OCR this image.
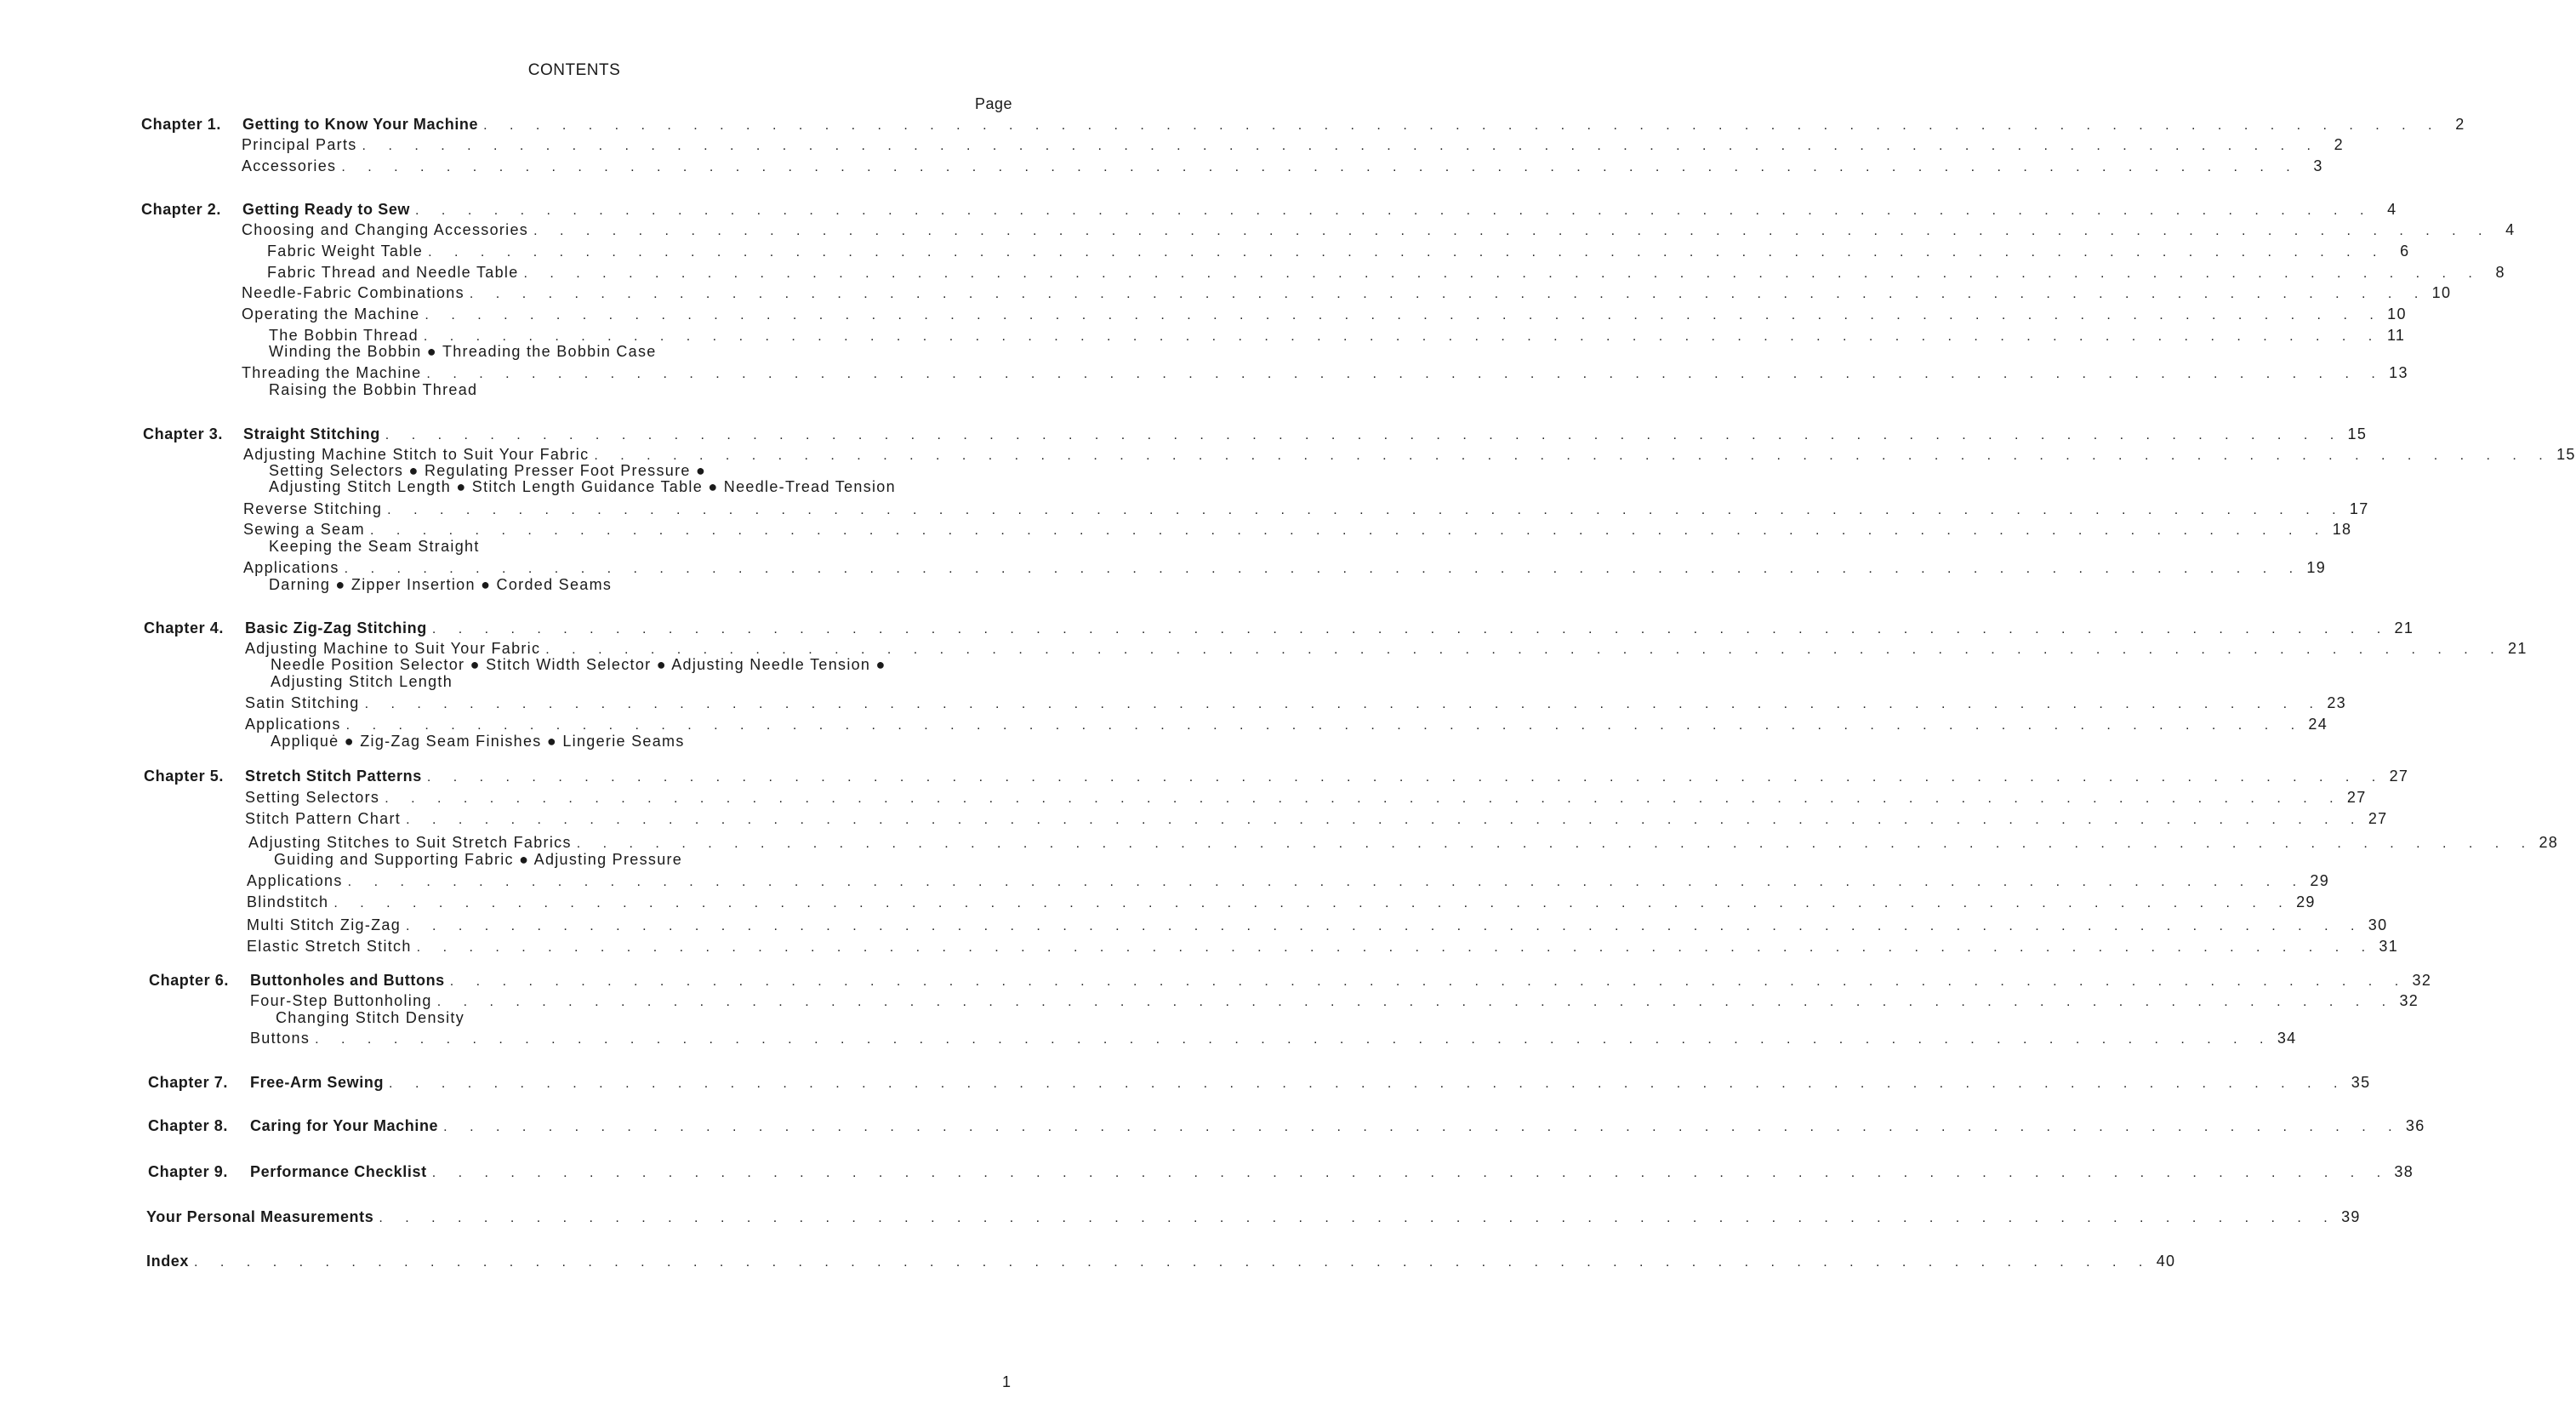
CONTENTS
Page
Chapter 1. Getting to Know Your Machine . . . . . . . . . . . . . . . . . . . . . . . . . . . . . . . . . . . . . . . . . . . . . . . . . . . . . . . . . . . . . . . . . . . . . . . . . . . 2
Principal Parts . . . . . . . . . . . . . . . . . . . . . . . . . . . . . . . . . . . . . . . . . . . . . . . . . . . . . . . . . . . . . . . . . . . . . . . . . . . 2
Accessories . . . . . . . . . . . . . . . . . . . . . . . . . . . . . . . . . . . . . . . . . . . . . . . . . . . . . . . . . . . . . . . . . . . . . . . . . . . 3
Chapter 2. Getting Ready to Sew . . . . . . . . . . . . . . . . . . . . . . . . . . . . . . . . . . . . . . . . . . . . . . . . . . . . . . . . . . . . . . . . . . . . . . . . . . . 4
Choosing and Changing Accessories . . . . . . . . . . . . . . . . . . . . . . . . . . . . . . . . . . . . . . . . . . . . . . . . . . . . . . . . . . . . . . . . . . . . . . . . . . . 4
Fabric Weight Table . . . . . . . . . . . . . . . . . . . . . . . . . . . . . . . . . . . . . . . . . . . . . . . . . . . . . . . . . . . . . . . . . . . . . . . . . . . 6
Fabric Thread and Needle Table . . . . . . . . . . . . . . . . . . . . . . . . . . . . . . . . . . . . . . . . . . . . . . . . . . . . . . . . . . . . . . . . . . . . . . . . . . . 8
Needle-Fabric Combinations . . . . . . . . . . . . . . . . . . . . . . . . . . . . . . . . . . . . . . . . . . . . . . . . . . . . . . . . . . . . . . . . . . . . . . . . . . . 10
Operating the Machine . . . . . . . . . . . . . . . . . . . . . . . . . . . . . . . . . . . . . . . . . . . . . . . . . . . . . . . . . . . . . . . . . . . . . . . . . . . 10
The Bobbin Thread . . . . . . . . . . . . . . . . . . . . . . . . . . . . . . . . . . . . . . . . . . . . . . . . . . . . . . . . . . . . . . . . . . . . . . . . . . . 11
Winding the Bobbin ● Threading the Bobbin Case
Threading the Machine . . . . . . . . . . . . . . . . . . . . . . . . . . . . . . . . . . . . . . . . . . . . . . . . . . . . . . . . . . . . . . . . . . . . . . . . . . . 13
Raising the Bobbin Thread
Chapter 3. Straight Stitching . . . . . . . . . . . . . . . . . . . . . . . . . . . . . . . . . . . . . . . . . . . . . . . . . . . . . . . . . . . . . . . . . . . . . . . . . . . 15
Adjusting Machine Stitch to Suit Your Fabric . . . . . . . . . . . . . . . . . . . . . . . . . . . . . . . . . . . . . . . . . . . . . . . . . . . . . . . . . . . . . . . . . . . . . . . . . . . 15
Setting Selectors ● Regulating Presser Foot Pressure ●
Adjusting Stitch Length ● Stitch Length Guidance Table ● Needle-Tread Tension
Reverse Stitching . . . . . . . . . . . . . . . . . . . . . . . . . . . . . . . . . . . . . . . . . . . . . . . . . . . . . . . . . . . . . . . . . . . . . . . . . . . 17
Sewing a Seam . . . . . . . . . . . . . . . . . . . . . . . . . . . . . . . . . . . . . . . . . . . . . . . . . . . . . . . . . . . . . . . . . . . . . . . . . . . 18
Keeping the Seam Straight
Applications . . . . . . . . . . . . . . . . . . . . . . . . . . . . . . . . . . . . . . . . . . . . . . . . . . . . . . . . . . . . . . . . . . . . . . . . . . . 19
Darning ● Zipper Insertion ● Corded Seams
Chapter 4. Basic Zig-Zag Stitching . . . . . . . . . . . . . . . . . . . . . . . . . . . . . . . . . . . . . . . . . . . . . . . . . . . . . . . . . . . . . . . . . . . . . . . . . . . 21
Adjusting Machine to Suit Your Fabric . . . . . . . . . . . . . . . . . . . . . . . . . . . . . . . . . . . . . . . . . . . . . . . . . . . . . . . . . . . . . . . . . . . . . . . . . . . 21
Needle Position Selector ● Stitch Width Selector ● Adjusting Needle Tension ●
Adjusting Stitch Length
Satin Stitching . . . . . . . . . . . . . . . . . . . . . . . . . . . . . . . . . . . . . . . . . . . . . . . . . . . . . . . . . . . . . . . . . . . . . . . . . . . 23
Applications . . . . . . . . . . . . . . . . . . . . . . . . . . . . . . . . . . . . . . . . . . . . . . . . . . . . . . . . . . . . . . . . . . . . . . . . . . . 24
Appliquė ● Zig-Zag Seam Finishes ● Lingerie Seams
Chapter 5. Stretch Stitch Patterns . . . . . . . . . . . . . . . . . . . . . . . . . . . . . . . . . . . . . . . . . . . . . . . . . . . . . . . . . . . . . . . . . . . . . . . . . . . 27
Setting Selectors . . . . . . . . . . . . . . . . . . . . . . . . . . . . . . . . . . . . . . . . . . . . . . . . . . . . . . . . . . . . . . . . . . . . . . . . . . . 27
Stitch Pattern Chart . . . . . . . . . . . . . . . . . . . . . . . . . . . . . . . . . . . . . . . . . . . . . . . . . . . . . . . . . . . . . . . . . . . . . . . . . . . 27
Adjusting Stitches to Suit Stretch Fabrics . . . . . . . . . . . . . . . . . . . . . . . . . . . . . . . . . . . . . . . . . . . . . . . . . . . . . . . . . . . . . . . . . . . . . . . . . . . 28
Guiding and Supporting Fabric ● Adjusting Pressure
Applications . . . . . . . . . . . . . . . . . . . . . . . . . . . . . . . . . . . . . . . . . . . . . . . . . . . . . . . . . . . . . . . . . . . . . . . . . . . 29
Blindstitch . . . . . . . . . . . . . . . . . . . . . . . . . . . . . . . . . . . . . . . . . . . . . . . . . . . . . . . . . . . . . . . . . . . . . . . . . . . 29
Multi Stitch Zig-Zag . . . . . . . . . . . . . . . . . . . . . . . . . . . . . . . . . . . . . . . . . . . . . . . . . . . . . . . . . . . . . . . . . . . . . . . . . . . 30
Elastic Stretch Stitch . . . . . . . . . . . . . . . . . . . . . . . . . . . . . . . . . . . . . . . . . . . . . . . . . . . . . . . . . . . . . . . . . . . . . . . . . . . 31
Chapter 6. Buttonholes and Buttons . . . . . . . . . . . . . . . . . . . . . . . . . . . . . . . . . . . . . . . . . . . . . . . . . . . . . . . . . . . . . . . . . . . . . . . . . . . 32
Four-Step Buttonholing . . . . . . . . . . . . . . . . . . . . . . . . . . . . . . . . . . . . . . . . . . . . . . . . . . . . . . . . . . . . . . . . . . . . . . . . . . . 32
Changing Stitch Density
Buttons . . . . . . . . . . . . . . . . . . . . . . . . . . . . . . . . . . . . . . . . . . . . . . . . . . . . . . . . . . . . . . . . . . . . . . . . . . . 34
Chapter 7. Free-Arm Sewing . . . . . . . . . . . . . . . . . . . . . . . . . . . . . . . . . . . . . . . . . . . . . . . . . . . . . . . . . . . . . . . . . . . . . . . . . . . 35
Chapter 8. Caring for Your Machine . . . . . . . . . . . . . . . . . . . . . . . . . . . . . . . . . . . . . . . . . . . . . . . . . . . . . . . . . . . . . . . . . . . . . . . . . . . 36
Chapter 9. Performance Checklist . . . . . . . . . . . . . . . . . . . . . . . . . . . . . . . . . . . . . . . . . . . . . . . . . . . . . . . . . . . . . . . . . . . . . . . . . . . 38
Your Personal Measurements . . . . . . . . . . . . . . . . . . . . . . . . . . . . . . . . . . . . . . . . . . . . . . . . . . . . . . . . . . . . . . . . . . . . . . . . . . . 39
Index . . . . . . . . . . . . . . . . . . . . . . . . . . . . . . . . . . . . . . . . . . . . . . . . . . . . . . . . . . . . . . . . . . . . . . . . . . . 40
1
